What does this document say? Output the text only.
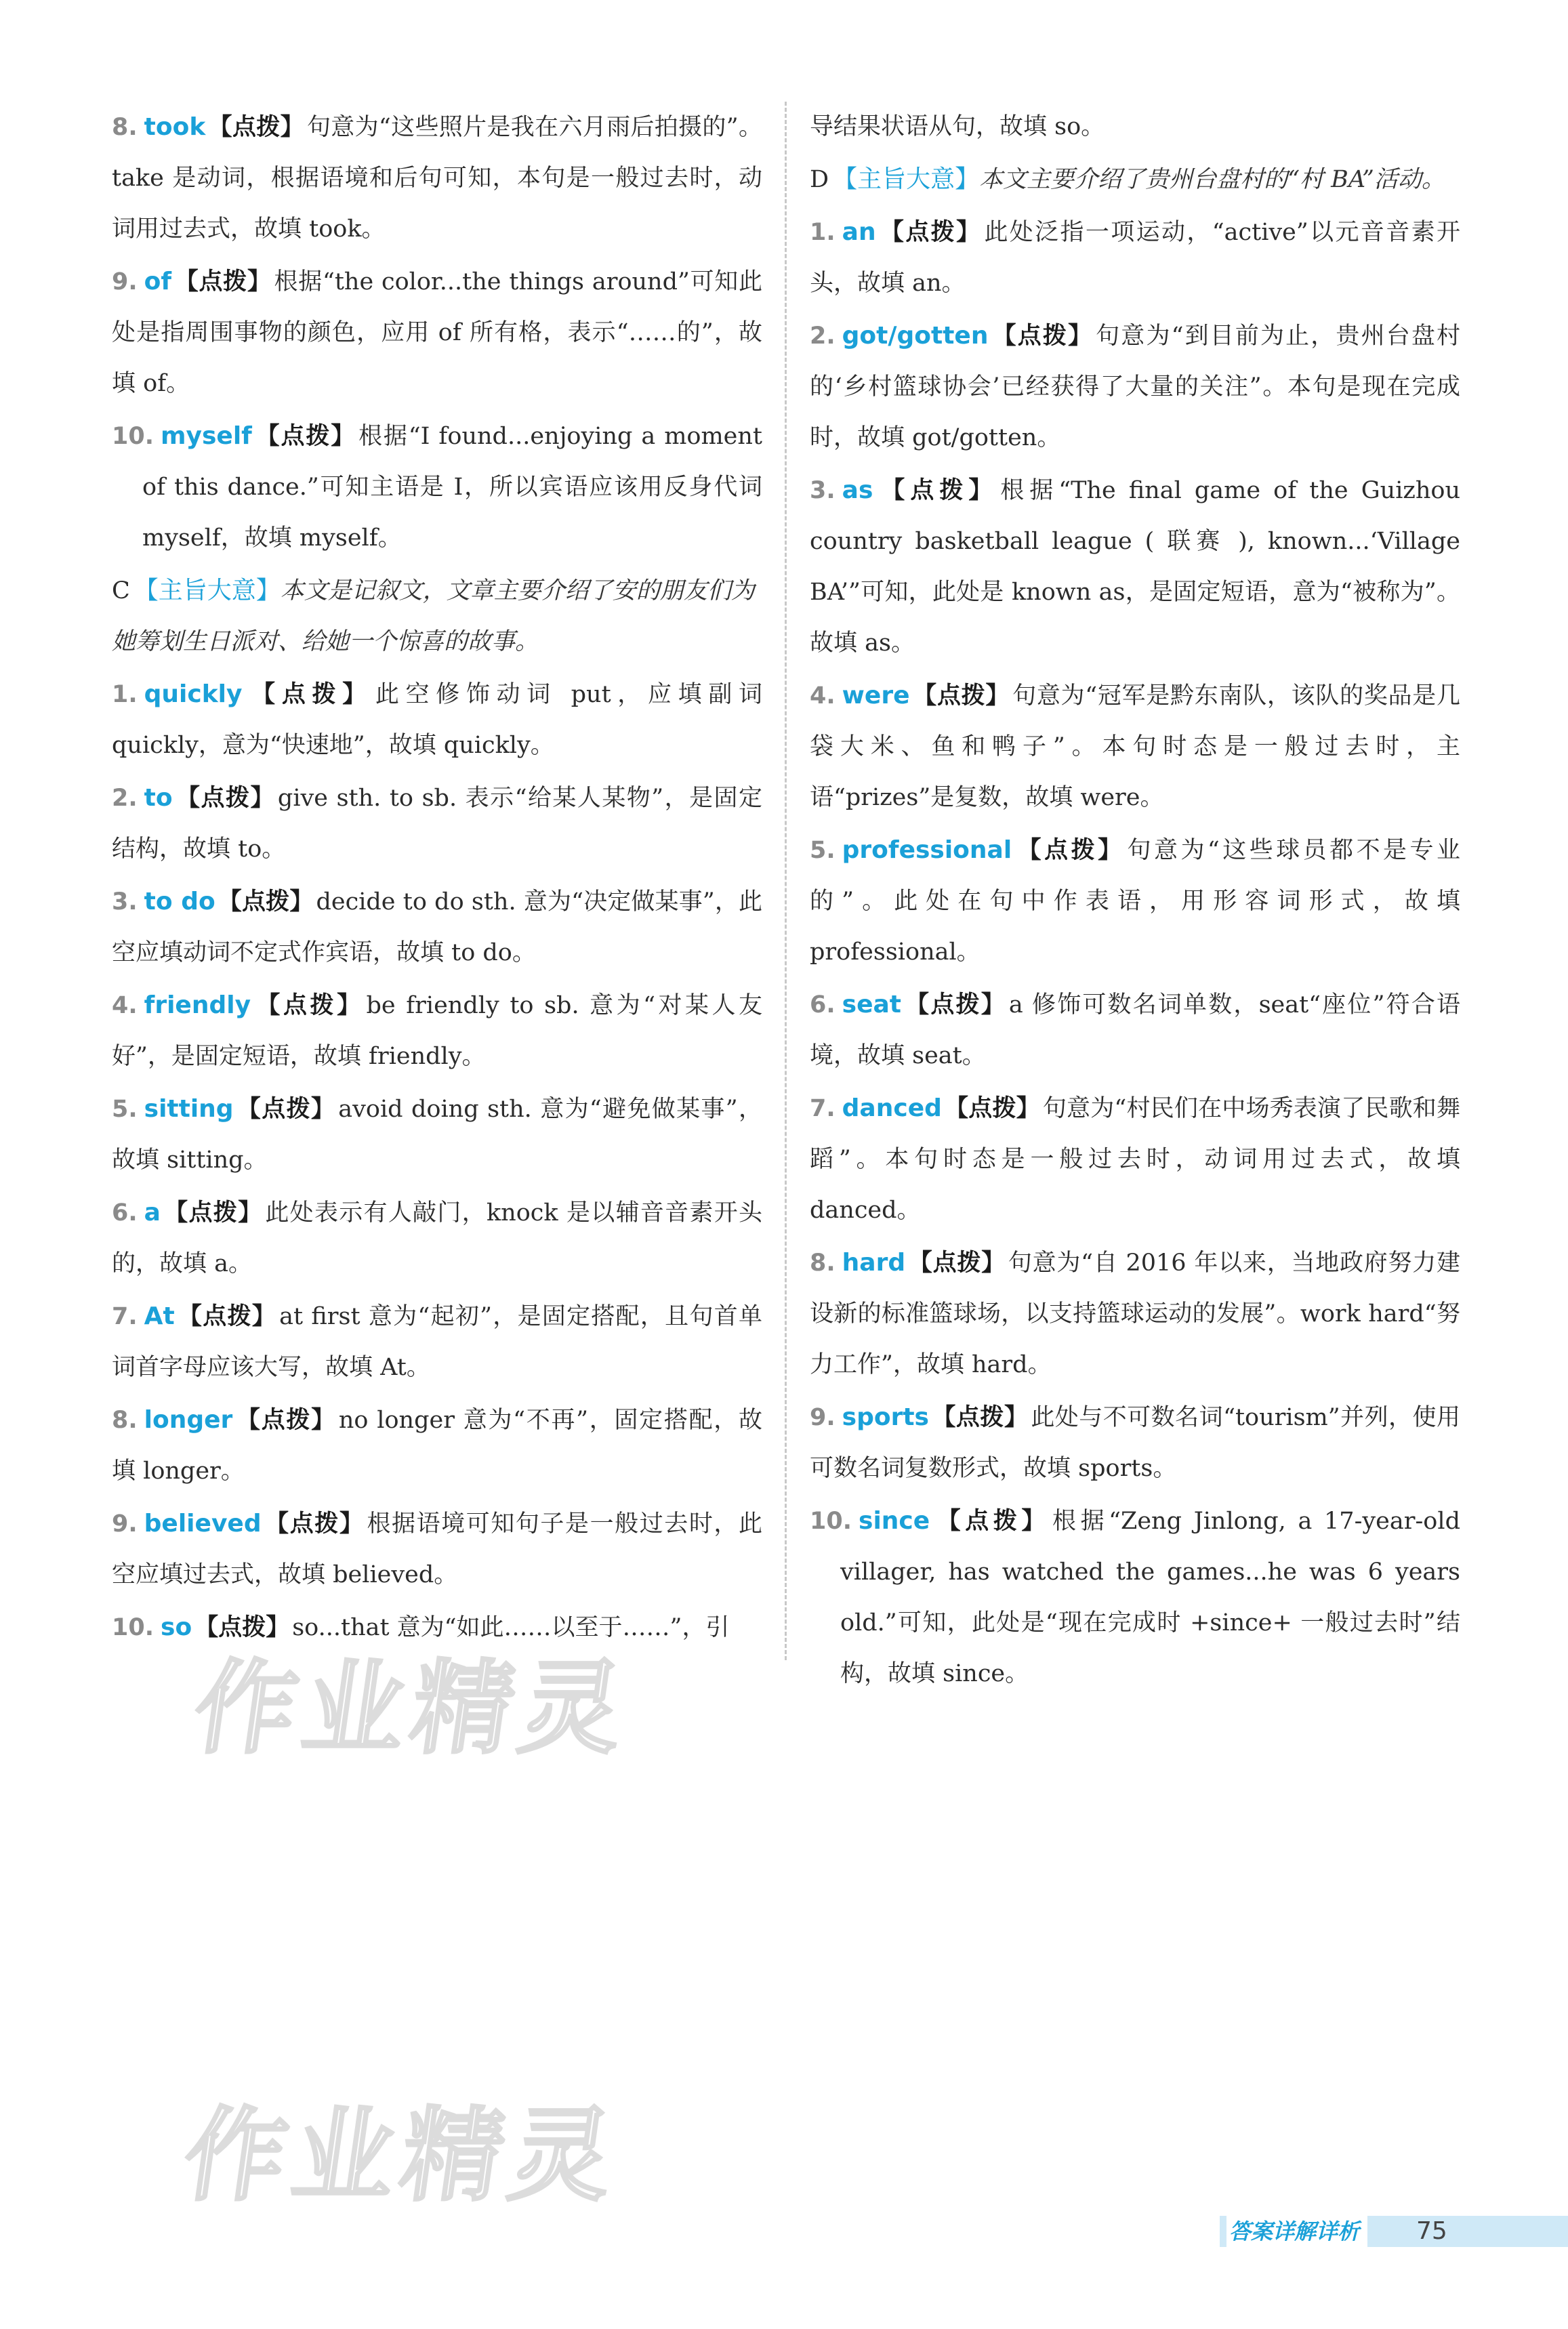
8. took 【点拨】 句意为“这些照片是我在六月雨后拍摄的”。take 是动词，根据语境和后句可知，本句是一般过去时，动词用过去式，故填 took。
9. of 【点拨】 根据“the color...the things around”可知此处是指周围事物的颜色，应用 of 所有格，表示“……的”，故填 of。
10. myself 【点拨】 根据“I found...enjoying a moment of this dance.”可知主语是 I，所以宾语应该用反身代词 myself，故填 myself。
C 【主旨大意】本文是记叙文，文章主要介绍了安的朋友们为她筹划生日派对、给她一个惊喜的故事。
1. quickly 【点拨】 此空修饰动词 put，应填副词 quickly，意为“快速地”，故填 quickly。
2. to 【点拨】 give sth. to sb. 表示“给某人某物”，是固定结构，故填 to。
3. to do 【点拨】 decide to do sth. 意为“决定做某事”，此空应填动词不定式作宾语，故填 to do。
4. friendly 【点拨】 be friendly to sb. 意为“对某人友好”，是固定短语，故填 friendly。
5. sitting 【点拨】 avoid doing sth. 意为“避免做某事”，故填 sitting。
6. a 【点拨】 此处表示有人敲门，knock 是以辅音音素开头的，故填 a。
7. At 【点拨】 at first 意为“起初”，是固定搭配，且句首单词首字母应该大写，故填 At。
8. longer 【点拨】 no longer 意为“不再”，固定搭配，故填 longer。
9. believed 【点拨】 根据语境可知句子是一般过去时，此空应填过去式，故填 believed。
10. so 【点拨】 so...that 意为“如此……以至于……”，引
导结果状语从句，故填 so。
D 【主旨大意】本文主要介绍了贵州台盘村的“村 BA”活动。
1. an 【点拨】 此处泛指一项运动，“active”以元音音素开头，故填 an。
2. got/gotten 【点拨】 句意为“到目前为止，贵州台盘村的‘乡村篮球协会’已经获得了大量的关注”。本句是现在完成时，故填 got/gotten。
3. as 【点拨】 根据“The final game of the Guizhou country basketball league ( 联赛 ), known...‘Village BA’”可知，此处是 known as，是固定短语，意为“被称为”。故填 as。
4. were 【点拨】 句意为“冠军是黔东南队，该队的奖品是几袋大米、鱼和鸭子”。本句时态是一般过去时，主语“prizes”是复数，故填 were。
5. professional 【点拨】 句意为“这些球员都不是专业的”。此处在句中作表语，用形容词形式，故填 professional。
6. seat 【点拨】 a 修饰可数名词单数，seat“座位”符合语境，故填 seat。
7. danced 【点拨】 句意为“村民们在中场秀表演了民歌和舞蹈”。本句时态是一般过去时，动词用过去式，故填 danced。
8. hard 【点拨】 句意为“自 2016 年以来，当地政府努力建设新的标准篮球场，以支持篮球运动的发展”。work hard“努力工作”，故填 hard。
9. sports 【点拨】 此处与不可数名词“tourism”并列，使用可数名词复数形式，故填 sports。
10. since 【点拨】 根据“Zeng Jinlong, a 17-year-old villager, has watched the games...he was 6 years old.”可知，此处是“现在完成时 +since+ 一般过去时”结构，故填 since。
作业精灵
作业精灵
答案详解详析	75
